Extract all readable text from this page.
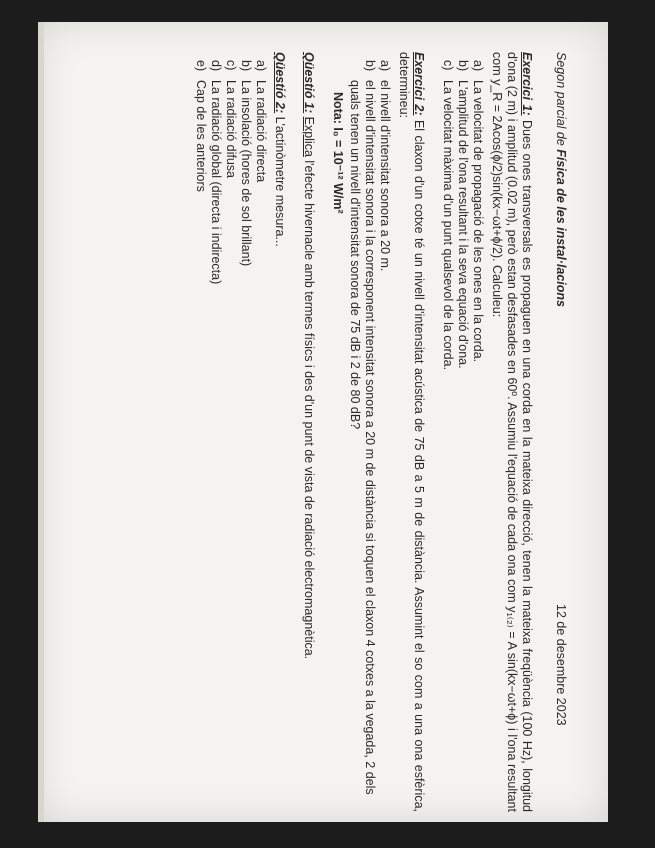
Segon parcial de Física de les instal·lacions
12 de desembre 2023
Exercici 1: Dues ones transversals es propaguen en una corda en la mateixa direcció, tenen la mateixa freqüència (100 Hz), longitud d'ona (2 m) i amplitud (0.02 m), però estan desfasades en 60º. Assumiu l'equació de cada ona com y₁₍₂₎ = A sin(kx−ωt+ϕ) i l'ona resultant com y_R = 2Acos(ϕ/2)sin(kx−ωt+ϕ/2). Calculeu:
a)
La velocitat de propagació de les ones en la corda.
b)
L'amplitud de l'ona resultant i la seva equació d'ona.
c)
La velocitat màxima d'un punt qualsevol de la corda.
Exercici 2: El claxon d'un cotxe té un nivell d'intensitat acústica de 75 dB a 5 m de distància. Assumint el so com a una ona esfèrica, determineu:
a)
el nivell d'intensitat sonora a 20 m.
b)
el nivell d'intensitat sonora i la corresponent intensitat sonora a 20 m de distància si toquen el claxon 4 cotxes a la vegada, 2 dels quals tenen un nivell d'intensitat sonora de 75 dB i 2 de 80 dB?
Nota: I₀ = 10⁻¹² W/m²
Qüestió 1: Explica l'efecte hivernacle amb termes físics i des d'un punt de vista de radiació electromagnètica.
Qüestió 2: L'actinòmetre mesura...
a)
La radiació directa
b)
La insolació (hores de sol brillant)
c)
La radiació difusa
d)
La radiació global (directa i indirecta)
e)
Cap de les anteriors
